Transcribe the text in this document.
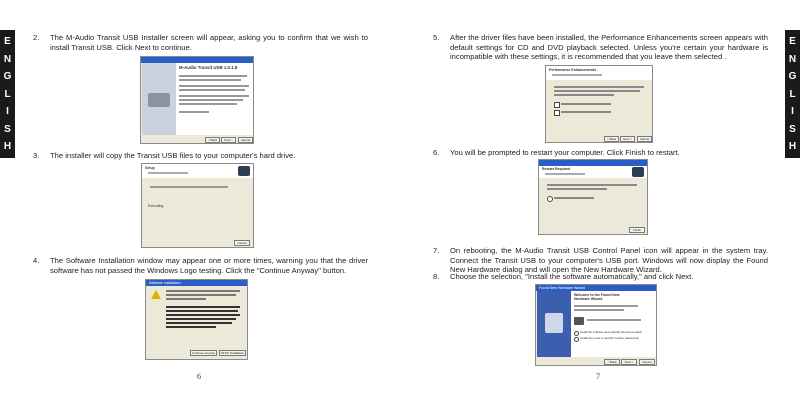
E
N
G
L
I
S
H
E
N
G
L
I
S
H
2. The M-Audio Transit USB Installer screen will appear, asking you to confirm that we wish to install Transit USB. Click Next to continue.
M-Audio Transit USB 1.0.1.8
< Back	Next >	Cancel
3. The installer will copy the Transit USB files to your computer's hard drive.
Setup
Executing
Cancel
4. The Software Installation window may appear one or more times, warning you that the driver software has not passed the Windows Logo testing. Click the "Continue Anyway" button.
Software Installation
Continue Anyway	STOP Installation
6
5. After the driver files have been installed, the Performance Enhancements screen appears with default settings for CD and DVD playback selected. Unless you're certain your hardware is incompatible with these settings, it is recommended that you leave them selected .
Performance Enhancements
< Back	Next >	Cancel
6. You will be prompted to restart your computer. Click Finish to restart.
Restart Required
Finish
7. On rebooting, the M-Audio Transit USB Control Panel icon will appear in the system tray. Connect the Transit USB to your computer's USB port. Windows will now display the Found New Hardware dialog and will open the New Hardware Wizard.
8. Choose the selection, "Install the software automatically," and click Next.
Found New Hardware Wizard
Welcome to the Found New Hardware Wizard
Install the software automatically (Recommended)
Install from a list or specific location (Advanced)
< Back	Next >	Cancel
7
